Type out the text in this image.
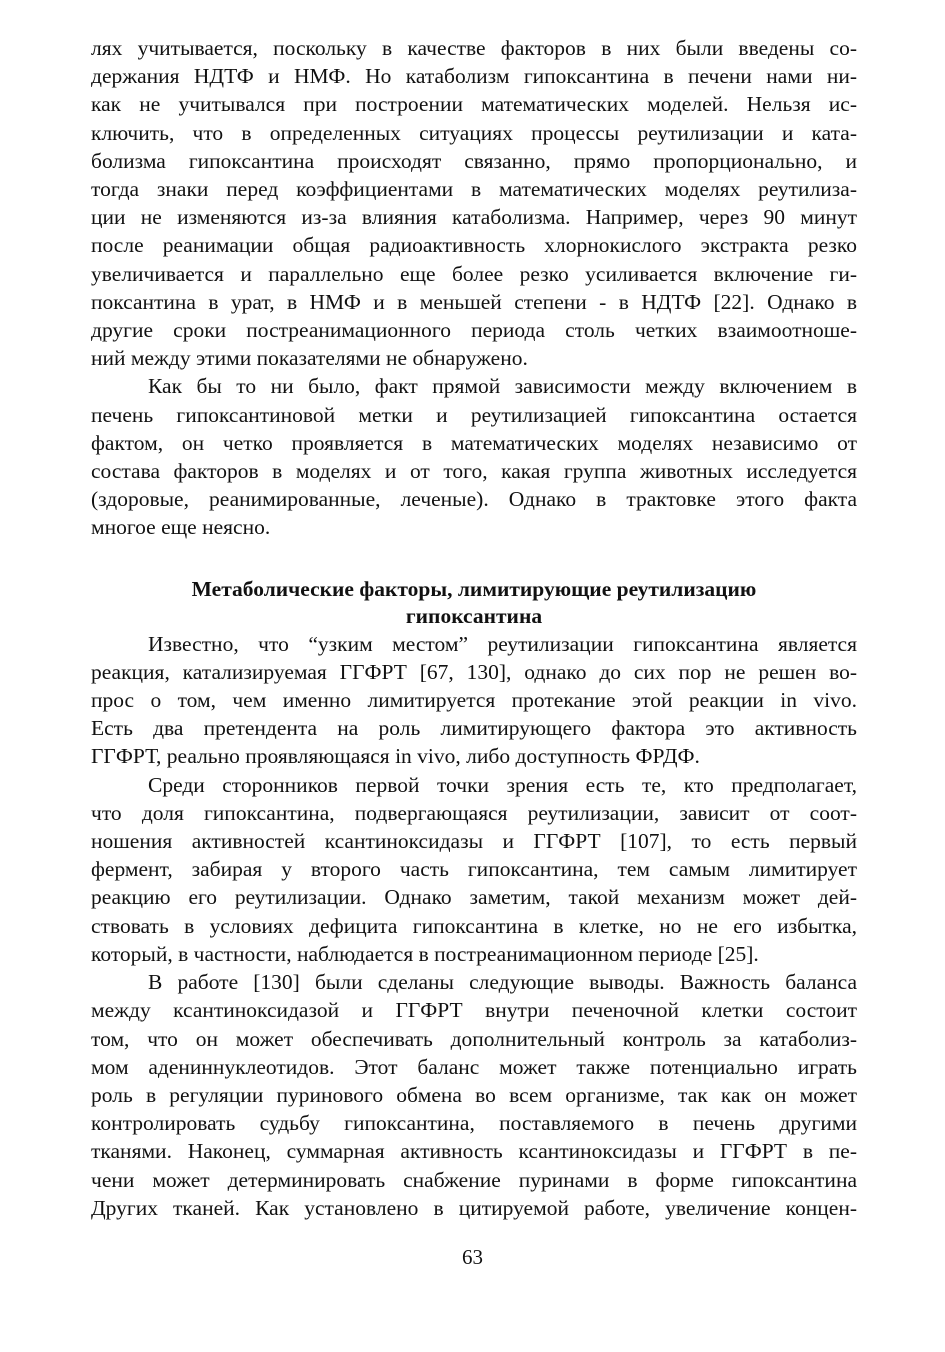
лях учитывается, поскольку в качестве факторов в них были введены со-
держания НДТФ и НМФ. Но катаболизм гипоксантина в печени нами ни-
как не учитывался при построении математических моделей. Нельзя ис-
ключить, что в определенных ситуациях процессы реутилизации и ката-
болизма гипоксантина происходят связанно, прямо пропорционально, и
тогда знаки перед коэффициентами в математических моделях реутилиза-
ции не изменяются из-за влияния катаболизма. Например, через 90 минут
после реанимации общая радиоактивность хлорнокислого экстракта резко
увеличивается и параллельно еще более резко усиливается включение ги-
поксантина в урат, в НМФ и в меньшей степени - в НДТФ [22]. Однако в
другие сроки постреанимационного периода столь четких взаимоотноше-
ний между этими показателями не обнаружено.
Как бы то ни было, факт прямой зависимости между включением в
печень гипоксантиновой метки и реутилизацией гипоксантина остается
фактом, он четко проявляется в математических моделях независимо от
состава факторов в моделях и от того, какая группа животных исследуется
(здоровые, реанимированные, леченые). Однако в трактовке этого факта
многое еще неясно.
Метаболические факторы, лимитирующие реутилизацию
гипоксантина
Известно, что “узким местом” реутилизации гипоксантина является
реакция, катализируемая ГГФРТ [67, 130], однако до сих пор не решен во-
прос о том, чем именно лимитируется протекание этой реакции in vivo.
Есть два претендента на роль лимитирующего фактора это активность
ГГФРТ, реально проявляющаяся in vivo, либо доступность ФРДФ.
Среди сторонников первой точки зрения есть те, кто предполагает,
что доля гипоксантина, подвергающаяся реутилизации, зависит от соот-
ношения активностей ксантиноксидазы и ГГФРТ [107], то есть первый
фермент, забирая у второго часть гипоксантина, тем самым лимитирует
реакцию его реутилизации. Однако заметим, такой механизм может дей-
ствовать в условиях дефицита гипоксантина в клетке, но не его избытка,
который, в частности, наблюдается в постреанимационном периоде [25].
В работе [130] были сделаны следующие выводы. Важность баланса
между ксантиноксидазой и ГГФРТ внутри печеночной клетки состоит
том, что он может обеспечивать дополнительный контроль за катаболиз-
мом адениннуклеотидов. Этот баланс может также потенциально играть
роль в регуляции пуринового обмена во всем организме, так как он может
контролировать судьбу гипоксантина, поставляемого в печень другими
тканями. Наконец, суммарная активность ксантиноксидазы и ГГФРТ в пе-
чени может детерминировать снабжение пуринами в форме гипоксантина
Других тканей. Как установлено в цитируемой работе, увеличение концен-
63
